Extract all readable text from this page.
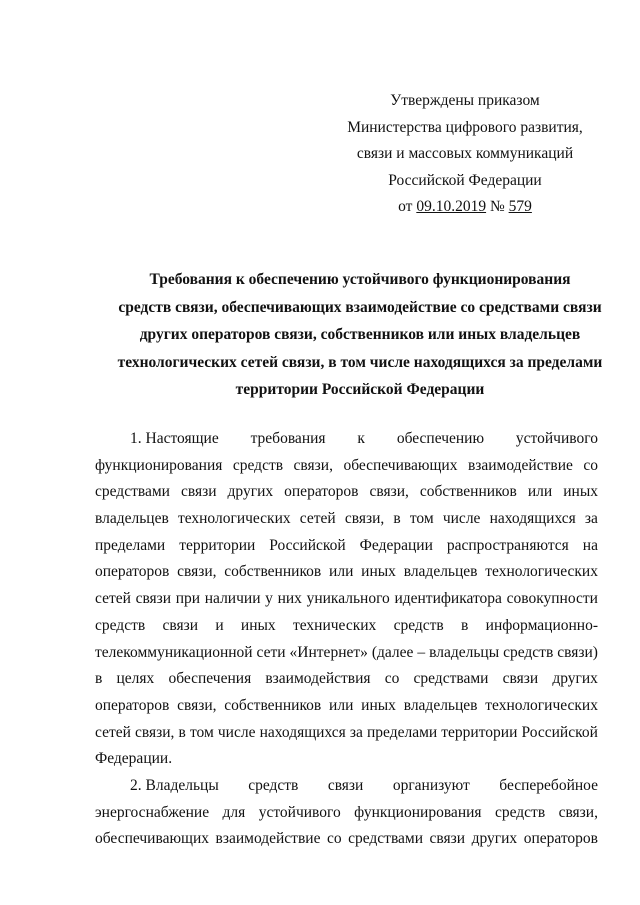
Утверждены приказом
Министерства цифрового развития,
связи и массовых коммуникаций
Российской Федерации
от 09.10.2019 № 579
Требования к обеспечению устойчивого функционирования
средств связи, обеспечивающих взаимодействие со средствами связи
других операторов связи, собственников или иных владельцев
технологических сетей связи, в том числе находящихся за пределами
территории Российской Федерации
1. Настоящие требования к обеспечению устойчивого
функционирования средств связи, обеспечивающих взаимодействие со
средствами связи других операторов связи, собственников или иных
владельцев технологических сетей связи, в том числе находящихся за
пределами территории Российской Федерации распространяются на
операторов связи, собственников или иных владельцев технологических
сетей связи при наличии у них уникального идентификатора совокупности
средств связи и иных технических средств в информационно-
телекоммуникационной сети «Интернет» (далее – владельцы средств связи)
в целях обеспечения взаимодействия со средствами связи других
операторов связи, собственников или иных владельцев технологических
сетей связи, в том числе находящихся за пределами территории Российской
Федерации.
2. Владельцы средств связи организуют бесперебойное
энергоснабжение для устойчивого функционирования средств связи,
обеспечивающих взаимодействие со средствами связи других операторов
